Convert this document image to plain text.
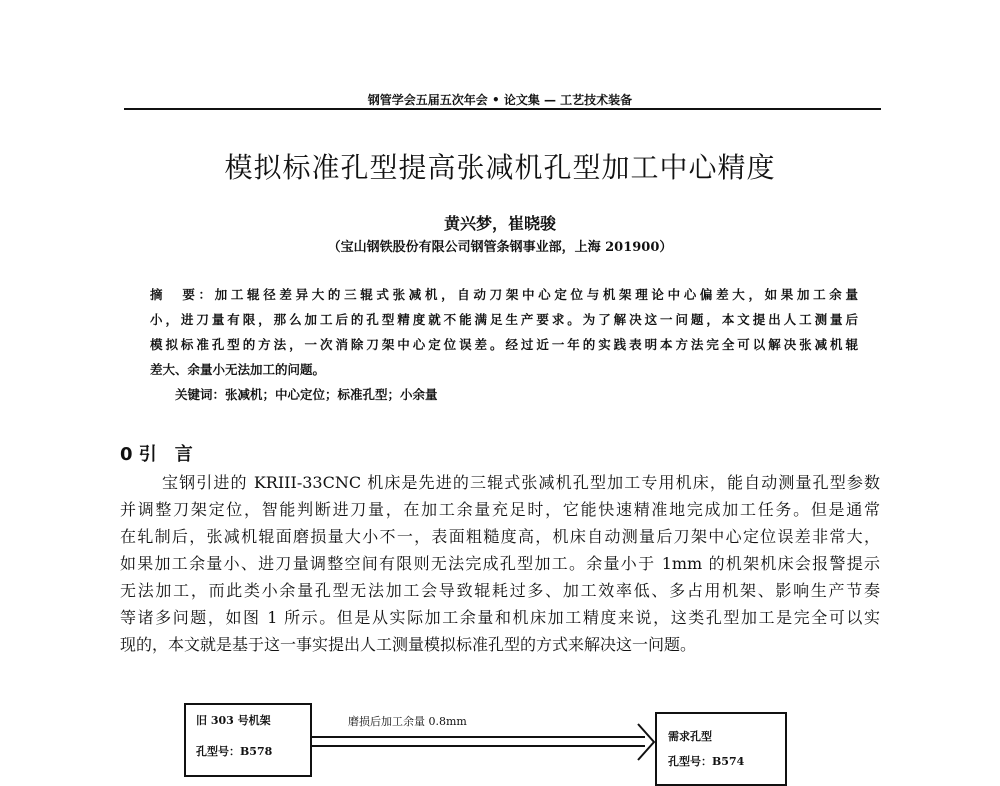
钢管学会五届五次年会 • 论文集 — 工艺技术装备
模拟标准孔型提高张减机孔型加工中心精度
黄兴梦，崔晓骏
（宝山钢铁股份有限公司钢管条钢事业部，上海 201900）
摘　要：加工辊径差异大的三辊式张减机，自动刀架中心定位与机架理论中心偏差大，如果加工余量
小，进刀量有限，那么加工后的孔型精度就不能满足生产要求。为了解决这一问题，本文提出人工测量后
模拟标准孔型的方法，一次消除刀架中心定位误差。经过近一年的实践表明本方法完全可以解决张减机辊
差大、余量小无法加工的问题。
关键词：张减机；中心定位；标准孔型；小余量
0 引　言
宝钢引进的 KRIII-33CNC 机床是先进的三辊式张减机孔型加工专用机床，能自动测量孔型参数
并调整刀架定位，智能判断进刀量，在加工余量充足时，它能快速精准地完成加工任务。但是通常
在轧制后，张减机辊面磨损量大小不一，表面粗糙度高，机床自动测量后刀架中心定位误差非常大，
如果加工余量小、进刀量调整空间有限则无法完成孔型加工。余量小于 1mm 的机架机床会报警提示
无法加工，而此类小余量孔型无法加工会导致辊耗过多、加工效率低、多占用机架、影响生产节奏
等诸多问题，如图 1 所示。但是从实际加工余量和机床加工精度来说，这类孔型加工是完全可以实
现的，本文就是基于这一事实提出人工测量模拟标准孔型的方式来解决这一问题。
旧 303 号机架
孔型号：B578
磨损后加工余量 0.8mm
需求孔型
孔型号：B574
